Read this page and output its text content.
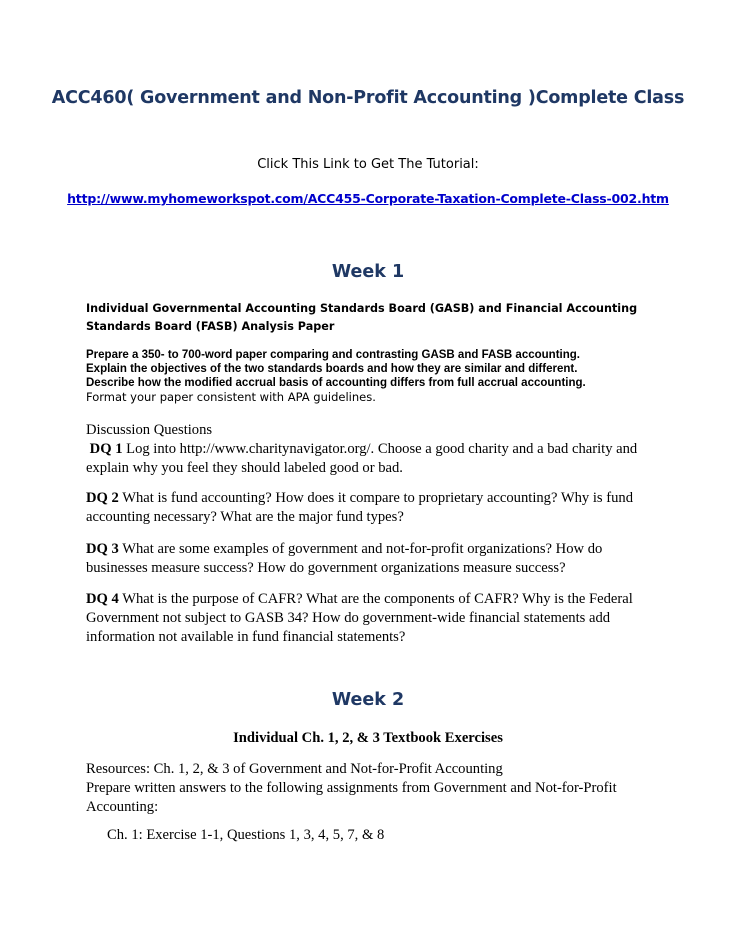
ACC460( Government and Non-Profit Accounting )Complete Class
Click This Link to Get The Tutorial:
http://www.myhomeworkspot.com/ACC455-Corporate-Taxation-Complete-Class-002.htm
Week 1
Individual Governmental Accounting Standards Board (GASB) and Financial Accounting Standards Board (FASB) Analysis Paper
Prepare a 350- to 700-word paper comparing and contrasting GASB and FASB accounting.
Explain the objectives of the two standards boards and how they are similar and different.
Describe how the modified accrual basis of accounting differs from full accrual accounting.
Format your paper consistent with APA guidelines.
Discussion Questions
DQ 1 Log into http://www.charitynavigator.org/. Choose a good charity and a bad charity and explain why you feel they should labeled good or bad.
DQ 2 What is fund accounting? How does it compare to proprietary accounting? Why is fund accounting necessary? What are the major fund types?
DQ 3 What are some examples of government and not-for-profit organizations? How do businesses measure success? How do government organizations measure success?
DQ 4 What is the purpose of CAFR? What are the components of CAFR? Why is the Federal Government not subject to GASB 34? How do government-wide financial statements add information not available in fund financial statements?
Week 2
Individual Ch. 1, 2, & 3 Textbook Exercises
Resources: Ch. 1, 2, & 3 of Government and Not-for-Profit Accounting
Prepare written answers to the following assignments from Government and Not-for-Profit Accounting:
Ch. 1: Exercise 1-1, Questions 1, 3, 4, 5, 7, & 8
